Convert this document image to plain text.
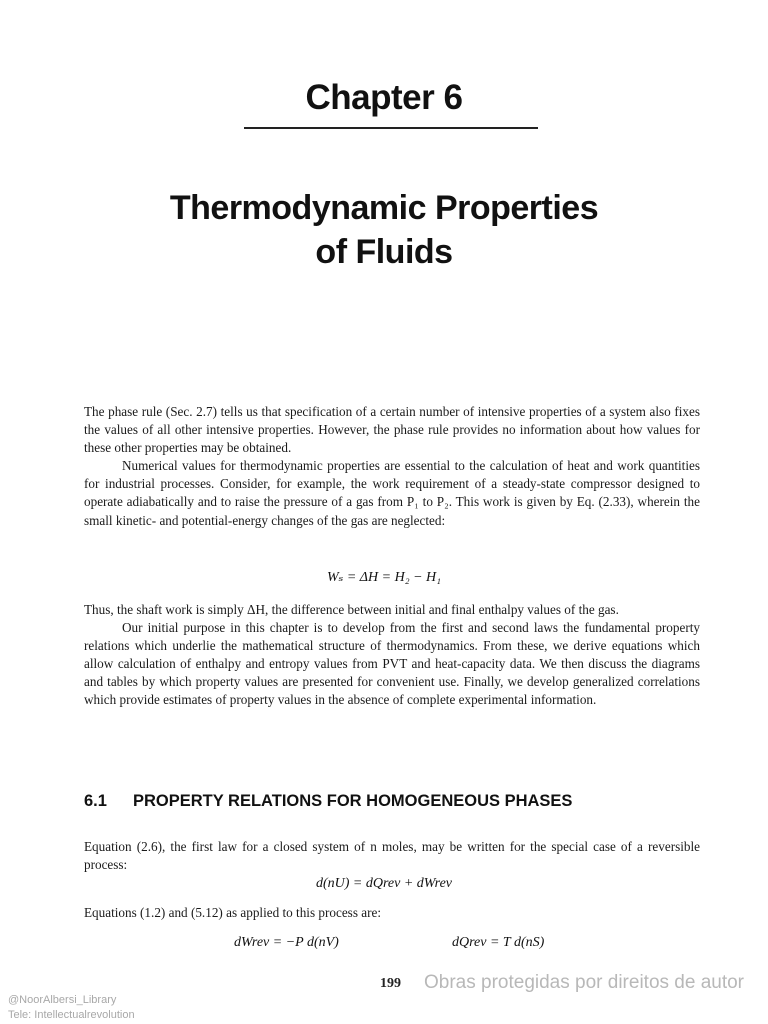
Chapter 6
Thermodynamic Properties
of Fluids

The phase rule (Sec. 2.7) tells us that specification of a certain number of intensive properties of a system also fixes the values of all other intensive properties. However, the phase rule provides no information about how values for these other properties may be obtained.

Numerical values for thermodynamic properties are essential to the calculation of heat and work quantities for industrial processes. Consider, for example, the work requirement of a steady-state compressor designed to operate adiabatically and to raise the pressure of a gas from P₁ to P₂. This work is given by Eq. (2.33), wherein the small kinetic- and potential-energy changes of the gas are neglected:

Wₛ = ΔH = H₂ − H₁

Thus, the shaft work is simply ΔH, the difference between initial and final enthalpy values of the gas.

Our initial purpose in this chapter is to develop from the first and second laws the fundamental property relations which underlie the mathematical structure of thermodynamics. From these, we derive equations which allow calculation of enthalpy and entropy values from PVT and heat-capacity data. We then discuss the diagrams and tables by which property values are presented for convenient use. Finally, we develop generalized correlations which provide estimates of property values in the absence of complete experimental information.

6.1 PROPERTY RELATIONS FOR HOMOGENEOUS PHASES

Equation (2.6), the first law for a closed system of n moles, may be written for the special case of a reversible process:

d(nU) = dQrev + dWrev

Equations (1.2) and (5.12) as applied to this process are:

dWrev = −P d(nV)	dQrev = T d(nS)
199 Obras protegidas por direitos de autor
@NoorAlbersi_Library
Tele: Intellectualrevolution
